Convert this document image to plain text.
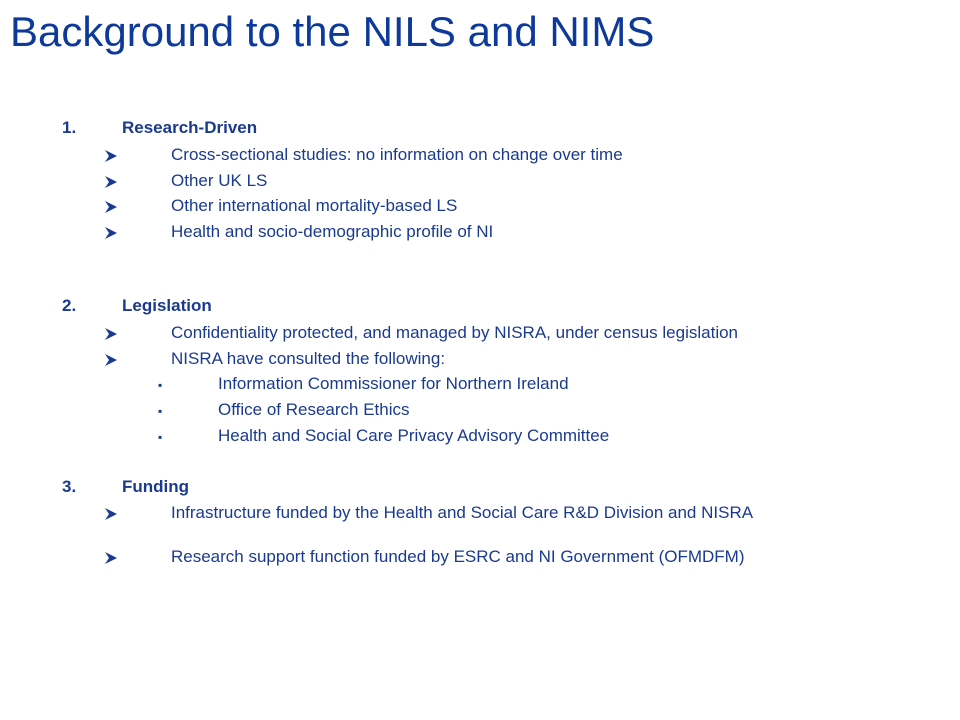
Background to the NILS and NIMS
1.	Research-Driven
Cross-sectional studies: no information on change over time
Other UK LS
Other international mortality-based LS
Health and socio-demographic profile of NI
2.	Legislation
Confidentiality protected, and managed by NISRA, under census legislation
NISRA have consulted the following:
▪	Information Commissioner for Northern Ireland
▪	Office of Research Ethics
▪	Health and Social Care Privacy Advisory Committee
3.	Funding
Infrastructure funded by the Health and Social Care R&D Division and NISRA
Research support function funded by ESRC and NI Government (OFMDFM)
